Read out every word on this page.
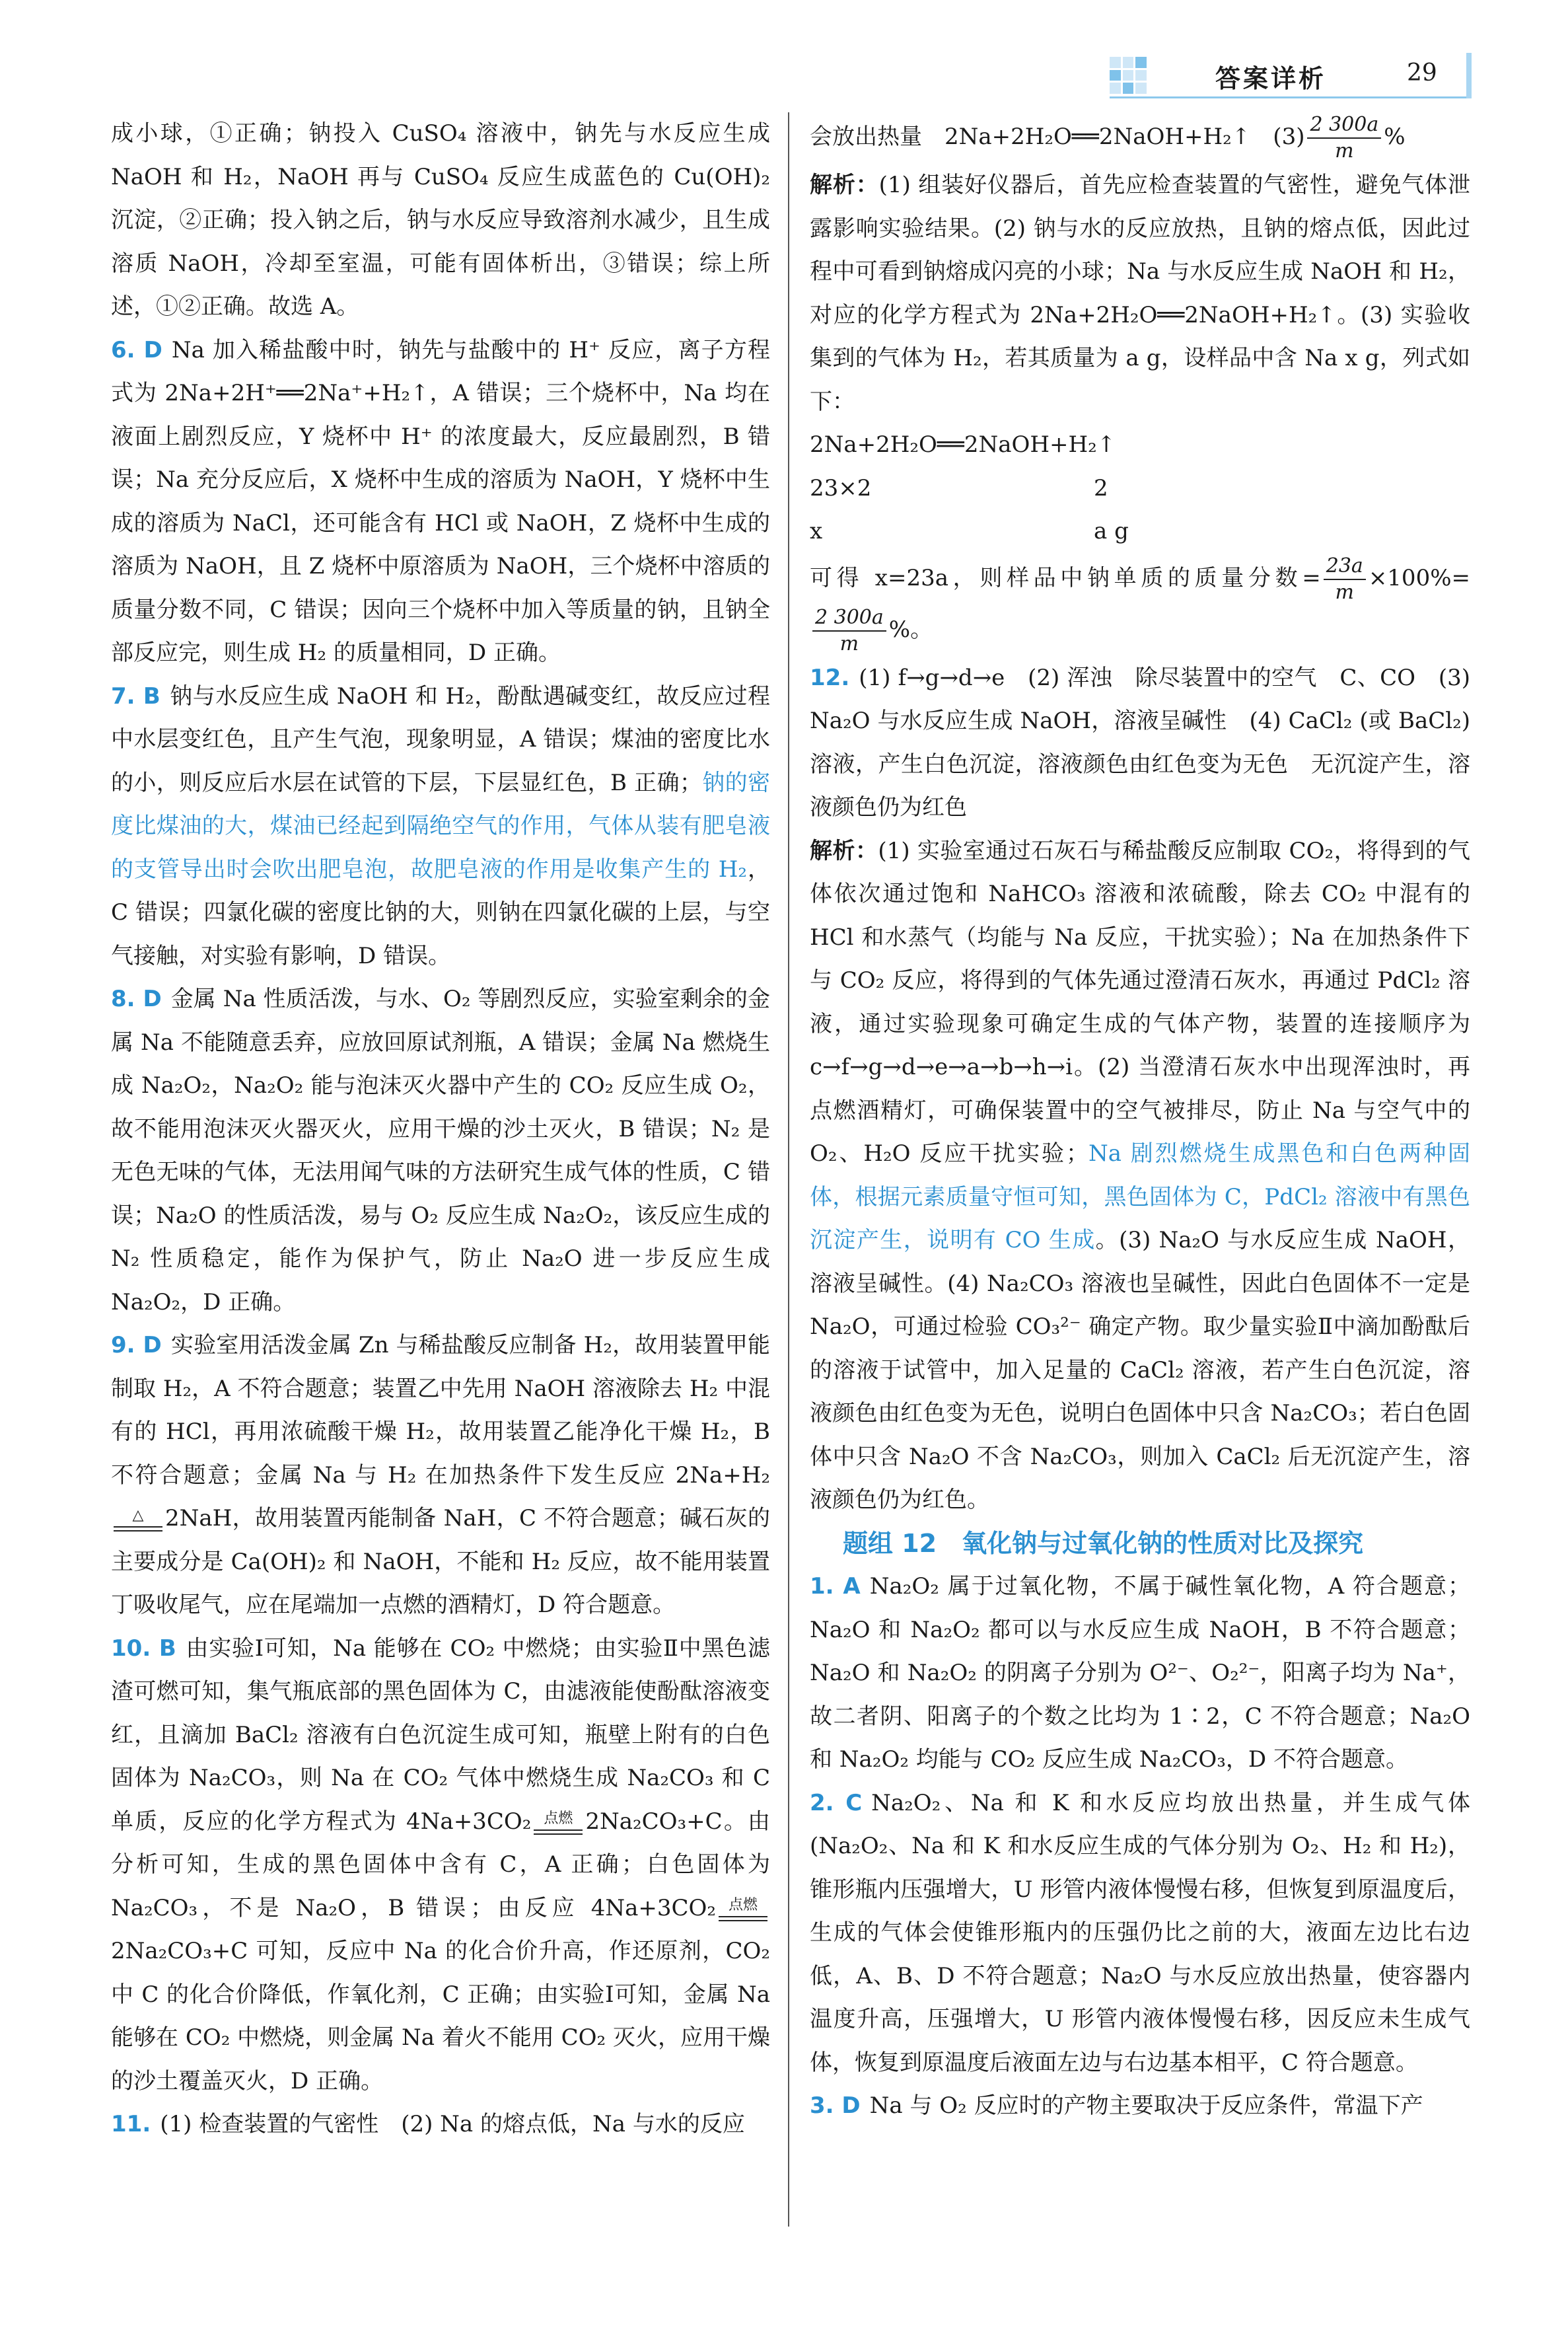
答案详析	29

成小球，①正确；钠投入 CuSO₄ 溶液中，钠先与水反应生成 NaOH 和 H₂，NaOH 再与 CuSO₄ 反应生成蓝色的 Cu(OH)₂ 沉淀，②正确；投入钠之后，钠与水反应导致溶剂水减少，且生成溶质 NaOH，冷却至室温，可能有固体析出，③错误；综上所述，①②正确。故选 A。

6. D Na 加入稀盐酸中时，钠先与盐酸中的 H⁺ 反应，离子方程式为 2Na+2H⁺══2Na⁺+H₂↑，A 错误；三个烧杯中，Na 均在液面上剧烈反应，Y 烧杯中 H⁺ 的浓度最大，反应最剧烈，B 错误；Na 充分反应后，X 烧杯中生成的溶质为 NaOH，Y 烧杯中生成的溶质为 NaCl，还可能含有 HCl 或 NaOH，Z 烧杯中生成的溶质为 NaOH，且 Z 烧杯中原溶质为 NaOH，三个烧杯中溶质的质量分数不同，C 错误；因向三个烧杯中加入等质量的钠，且钠全部反应完，则生成 H₂ 的质量相同，D 正确。

7. B 钠与水反应生成 NaOH 和 H₂，酚酞遇碱变红，故反应过程中水层变红色，且产生气泡，现象明显，A 错误；煤油的密度比水的小，则反应后水层在试管的下层，下层显红色，B 正确；钠的密度比煤油的大，煤油已经起到隔绝空气的作用，气体从装有肥皂液的支管导出时会吹出肥皂泡，故肥皂液的作用是收集产生的 H₂，C 错误；四氯化碳的密度比钠的大，则钠在四氯化碳的上层，与空气接触，对实验有影响，D 错误。

8. D 金属 Na 性质活泼，与水、O₂ 等剧烈反应，实验室剩余的金属 Na 不能随意丢弃，应放回原试剂瓶，A 错误；金属 Na 燃烧生成 Na₂O₂，Na₂O₂ 能与泡沫灭火器中产生的 CO₂ 反应生成 O₂，故不能用泡沫灭火器灭火，应用干燥的沙土灭火，B 错误；N₂ 是无色无味的气体，无法用闻气味的方法研究生成气体的性质，C 错误；Na₂O 的性质活泼，易与 O₂ 反应生成 Na₂O₂，该反应生成的 N₂ 性质稳定，能作为保护气，防止 Na₂O 进一步反应生成 Na₂O₂，D 正确。

9. D 实验室用活泼金属 Zn 与稀盐酸反应制备 H₂，故用装置甲能制取 H₂，A 不符合题意；装置乙中先用 NaOH 溶液除去 H₂ 中混有的 HCl，再用浓硫酸干燥 H₂，故用装置乙能净化干燥 H₂，B 不符合题意；金属 Na 与 H₂ 在加热条件下发生反应 2Na+H₂
△ 2NaH，故用装置丙能制备 NaH，C 不符合题意；碱石灰的主要成分是 Ca(OH)₂ 和 NaOH，不能和 H₂ 反应，故不能用装置丁吸收尾气，应在尾端加一点燃的酒精灯，D 符合题意。

10. B 由实验Ⅰ可知，Na 能够在 CO₂ 中燃烧；由实验Ⅱ中黑色滤渣可燃可知，集气瓶底部的黑色固体为 C，由滤液能使酚酞溶液变红，且滴加 BaCl₂ 溶液有白色沉淀生成可知，瓶壁上附有的白色固体为 Na₂CO₃，则 Na 在 CO₂ 气体中燃烧生成 Na₂CO₃ 和 C 单质，反应的化学方程式为 4Na+3CO₂ 点燃 2Na₂CO₃+C。由分析可知，生成的黑色固体中含有 C，A 正确；白色固体为 Na₂CO₃，不是 Na₂O，B 错误；由反应 4Na+3CO₂ 点燃
2Na₂CO₃+C 可知，反应中 Na 的化合价升高，作还原剂，CO₂ 中 C 的化合价降低，作氧化剂，C 正确；由实验Ⅰ可知，金属 Na 能够在 CO₂ 中燃烧，则金属 Na 着火不能用 CO₂ 灭火，应用干燥的沙土覆盖灭火，D 正确。

11. (1) 检查装置的气密性　(2) Na 的熔点低，Na 与水的反应

会放出热量　2Na+2H₂O══2NaOH+H₂↑　$(3) \frac{2 300a}{m}$ %

解析：(1) 组装好仪器后，首先应检查装置的气密性，避免气体泄露影响实验结果。(2) 钠与水的反应放热，且钠的熔点低，因此过程中可看到钠熔成闪亮的小球；Na 与水反应生成 NaOH 和 H₂，对应的化学方程式为 2Na+2H₂O══2NaOH+H₂↑。(3) 实验收集到的气体为 H₂，若其质量为 a g，设样品中含 Na x g，列式如下：

2Na+2H₂O══2NaOH+H₂↑
23×2	2
x	a g

可得 x=23a，则样品中钠单质的质量分数= $\frac{23a}{m} \times 100\%=$
$\frac{2 300a}{m}$ %。

12. (1) f→g→d→e　(2) 浑浊　除尽装置中的空气　C、CO　(3) Na₂O 与水反应生成 NaOH，溶液呈碱性　(4) CaCl₂ (或 BaCl₂)溶液，产生白色沉淀，溶液颜色由红色变为无色　无沉淀产生，溶液颜色仍为红色

解析：(1) 实验室通过石灰石与稀盐酸反应制取 CO₂，将得到的气体依次通过饱和 NaHCO₃ 溶液和浓硫酸，除去 CO₂ 中混有的 HCl 和水蒸气（均能与 Na 反应，干扰实验）；Na 在加热条件下与 CO₂ 反应，将得到的气体先通过澄清石灰水，再通过 PdCl₂ 溶液，通过实验现象可确定生成的气体产物，装置的连接顺序为 c→f→g→d→e→a→b→h→i。(2) 当澄清石灰水中出现浑浊时，再点燃酒精灯，可确保装置中的空气被排尽，防止 Na 与空气中的 O₂、H₂O 反应干扰实验；Na 剧烈燃烧生成黑色和白色两种固体，根据元素质量守恒可知，黑色固体为 C，PdCl₂ 溶液中有黑色沉淀产生，说明有 CO 生成。(3) Na₂O 与水反应生成 NaOH，溶液呈碱性。(4) Na₂CO₃ 溶液也呈碱性，因此白色固体不一定是 Na₂O，可通过检验 CO₃²⁻ 确定产物。取少量实验Ⅱ中滴加酚酞后的溶液于试管中，加入足量的 CaCl₂ 溶液，若产生白色沉淀，溶液颜色由红色变为无色，说明白色固体中只含 Na₂CO₃；若白色固体中只含 Na₂O 不含 Na₂CO₃，则加入 CaCl₂ 后无沉淀产生，溶液颜色仍为红色。

题组 12　氧化钠与过氧化钠的性质对比及探究

1. A Na₂O₂ 属于过氧化物，不属于碱性氧化物，A 符合题意；Na₂O 和 Na₂O₂ 都可以与水反应生成 NaOH，B 不符合题意；Na₂O 和 Na₂O₂ 的阴离子分别为 O²⁻、O₂²⁻，阳离子均为 Na⁺，故二者阴、阳离子的个数之比均为 1∶2，C 不符合题意；Na₂O 和 Na₂O₂ 均能与 CO₂ 反应生成 Na₂CO₃，D 不符合题意。

2. C Na₂O₂、Na 和 K 和水反应均放出热量，并生成气体(Na₂O₂、Na 和 K 和水反应生成的气体分别为 O₂、H₂ 和 H₂)，锥形瓶内压强增大，U 形管内液体慢慢右移，但恢复到原温度后，生成的气体会使锥形瓶内的压强仍比之前的大，液面左边比右边低，A、B、D 不符合题意；Na₂O 与水反应放出热量，使容器内温度升高，压强增大，U 形管内液体慢慢右移，因反应未生成气体，恢复到原温度后液面左边与右边基本相平，C 符合题意。

3. D Na 与 O₂ 反应时的产物主要取决于反应条件，常温下产
